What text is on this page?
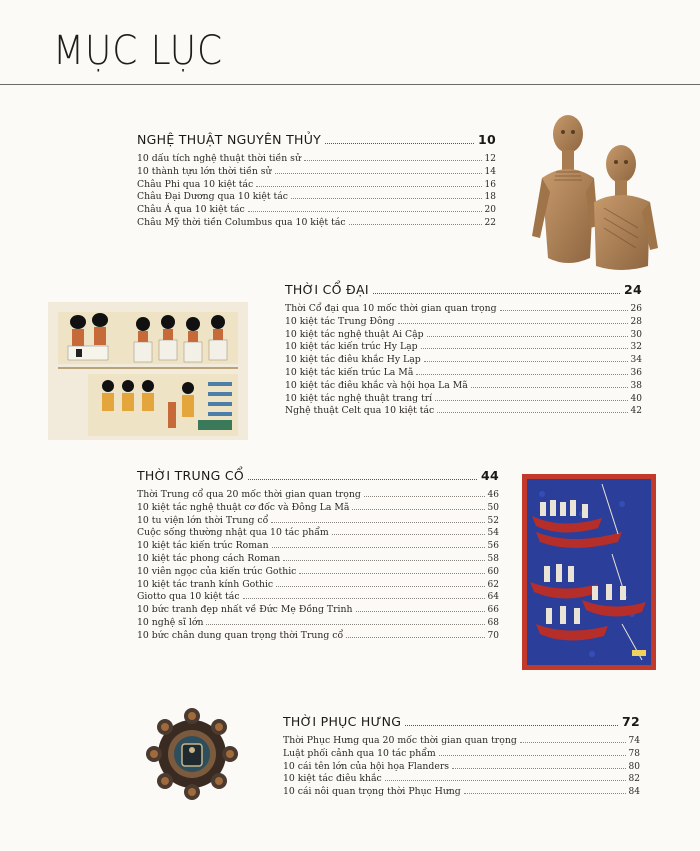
MỤC LỤC
NGHỆ THUẬT NGUYÊN THỦY	10
10 dấu tích nghệ thuật thời tiền sử	12
10 thành tựu lớn thời tiền sử	14
Châu Phi qua 10 kiệt tác	16
Châu Đại Dương qua 10 kiệt tác	18
Châu Á qua 10 kiệt tác	20
Châu Mỹ thời tiền Columbus qua 10 kiệt tác	22
THỜI CỔ ĐẠI	24
Thời Cổ đại qua 10 mốc thời gian quan trọng	26
10 kiệt tác Trung Đông	28
10 kiệt tác nghệ thuật Ai Cập	30
10 kiệt tác kiến trúc Hy Lạp	32
10 kiệt tác điêu khắc Hy Lạp	34
10 kiệt tác kiến trúc La Mã	36
10 kiệt tác điêu khắc và hội họa La Mã	38
10 kiệt tác nghệ thuật trang trí	40
Nghệ thuật Celt qua 10 kiệt tác	42
THỜI TRUNG CỔ	44
Thời Trung cổ qua 20 mốc thời gian quan trọng	46
10 kiệt tác nghệ thuật cơ đốc và Đông La Mã	50
10 tu viện lớn thời Trung cổ	52
Cuộc sống thường nhật qua 10 tác phẩm	54
10 kiệt tác kiến trúc Roman	56
10 kiệt tác phong cách Roman	58
10 viên ngọc của kiến trúc Gothic	60
10 kiệt tác tranh kính Gothic	62
Giotto qua 10 kiệt tác	64
10 bức tranh đẹp nhất về Đức Mẹ Đồng Trinh	66
10 nghệ sĩ lớn	68
10 bức chân dung quan trọng thời Trung cổ	70
THỜI PHỤC HƯNG	72
Thời Phục Hưng qua 20 mốc thời gian quan trọng	74
Luật phối cảnh qua 10 tác phẩm	78
10 cái tên lớn của hội họa Flanders	80
10 kiệt tác điêu khắc	82
10 cái nôi quan trọng thời Phục Hưng	84
